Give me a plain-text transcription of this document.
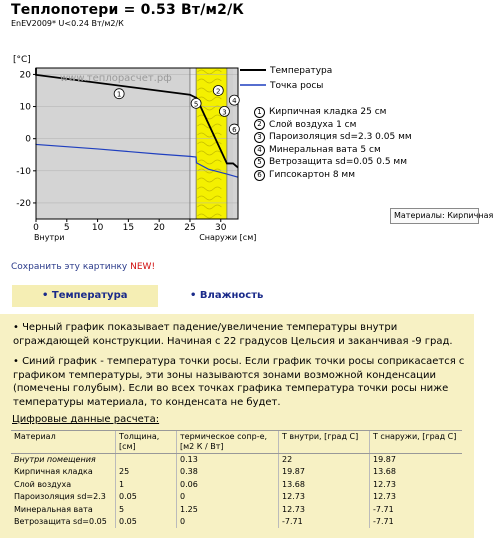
Теплопотери = 0.53 Вт/м2/К
EnEV2009* U<0.24 Вт/м2/К
[°C]
www.теплорасчет.рф
20
10
0
-10
-20
0	5 10 15 20 25 30
Внутри	Снаружи [см]
1
5
3
2
4
6
Температура
Точка росы
1 Кирпичная кладка 25 см
2 Слой воздуха 1 см
3 Пароизоляция sd=2.3 0.05 мм
4 Минеральная вата 5 см
5 Ветрозащита sd=0.05 0.5 мм
6 Гипсокартон 8 мм
Материалы: Кирпичная
Сохранить эту картинку NEW!
• Температура	• Влажность
• Черный график показывает падение/увеличение температуры внутри ограждающей конструкции. Начиная с 22 градусов Цельсия и заканчивая -9 град.
• Синий график - температура точки росы. Если график точки росы соприкасается с графиком температуры, эти зоны называются зонами возможной конденсации (помечены голубым). Если во всех точках графика температура точки росы ниже температуры материала, то конденсата не будет.
Цифровые данные расчета:
Материал	Толщина, [см]	термическое сопр-е, [м2 К / Вт]	T внутри, [град С]	T снаружи, [град С]
Внутри помещения		0.13	22	19.87
Кирпичная кладка	25	0.38	19.87	13.68
Слой воздуха	1	0.06	13.68	12.73
Пароизоляция sd=2.3	0.05	0	12.73	12.73
Минеральная вата	5	1.25	12.73	-7.71
Ветрозащита sd=0.05	0.05	0	-7.71	-7.71
